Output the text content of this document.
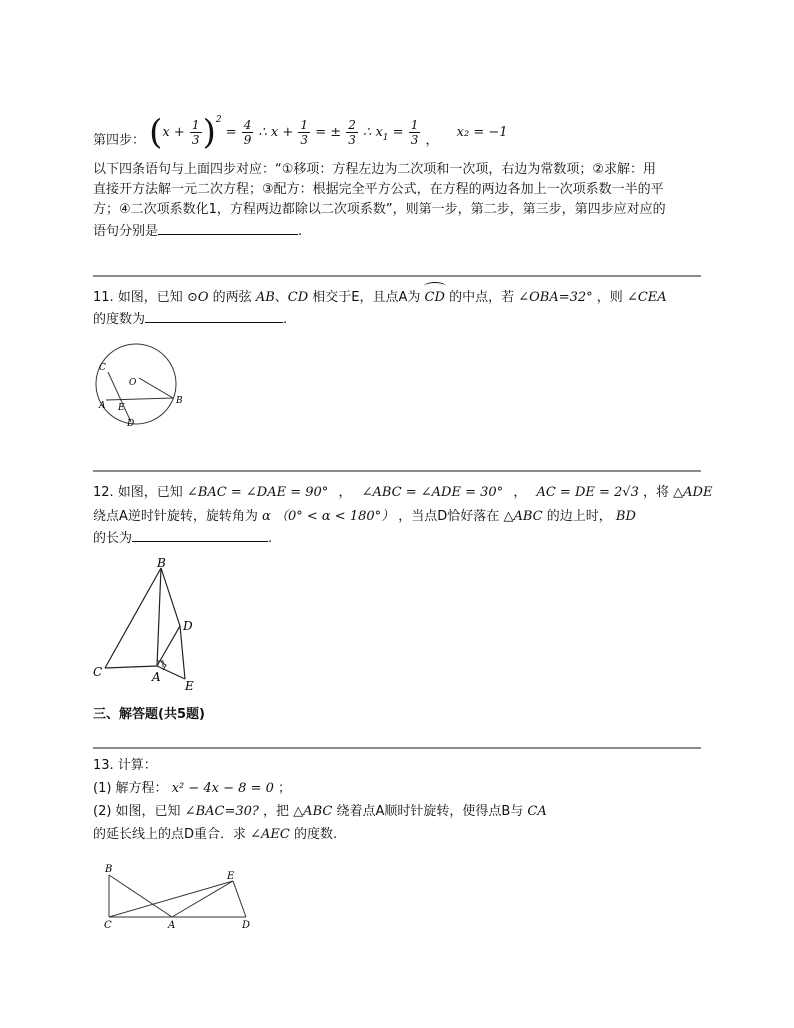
第四步： $(x + \frac{1}{3} )^2 = \frac{4}{9}$ ∴ $x + \frac{1}{3}$ = ± $\frac{2}{3}$ ∴ $x_1 = \frac{1}{3}$ ， x₂ = −1
以下四条语句与上面四步对应：“①移项：方程左边为二次项和一次项，右边为常数项；②求解：用
直接开方法解一元二次方程；③配方：根据完全平方公式，在方程的两边各加上一次项系数一半的平
方；④二次项系数化1，方程两边都除以二次项系数”，则第一步，第二步，第三步，第四步应对应的
语句分别是	.
11. 如图，已知 ⊙O 的两弦 AB、CD 相交于E，且点A为 CD 的中点，若 ∠OBA=32° ，则 ∠CEA
的度数为	.
C
O
A E
B
D
12. 如图，已知 ∠BAC = ∠DAE = 90° ， ∠ABC = ∠ADE = 30° ， AC = DE = 2√3 ，将 △ADE
绕点A逆时针旋转，旋转角为 α （0° < α < 180°） ，当点D恰好落在 △ABC 的边上时， BD
的长为	.
B
D
C	A
E
三、解答题(共5题)
13. 计算：
(1) 解方程： x² − 4x − 8 = 0 ；
(2) 如图，已知 ∠BAC=30? ，把 △ABC 绕着点A顺时针旋转，使得点B与 CA
的延长线上的点D重合．求 ∠AEC 的度数.
B
E
C	A	D
